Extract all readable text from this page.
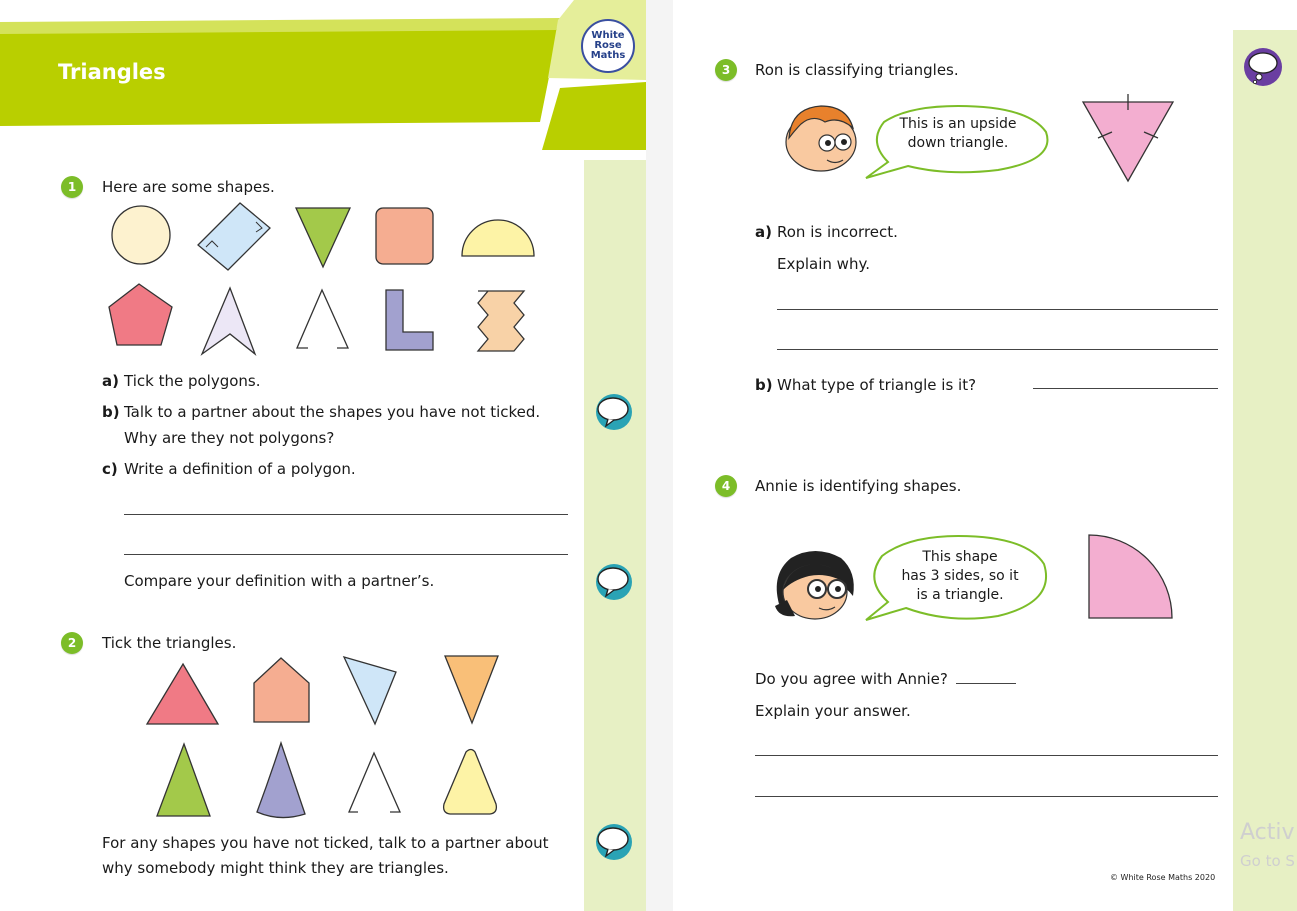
Triangles
White
Rose
Maths
1	Here are some shapes.
a) Tick the polygons.
b) Talk to a partner about the shapes you have not ticked.
Why are they not polygons?
c) Write a definition of a polygon.
Compare your definition with a partner’s.
2	Tick the triangles.
For any shapes you have not ticked, talk to a partner about
why somebody might think they are triangles.
3	Ron is classifying triangles.
This is an upside
down triangle.
a) Ron is incorrect.
Explain why.
b) What type of triangle is it?
4	Annie is identifying shapes.
This shape
has 3 sides, so it
is a triangle.
Do you agree with Annie?
Explain your answer.
© White Rose Maths 2020
Activ
Go to S
